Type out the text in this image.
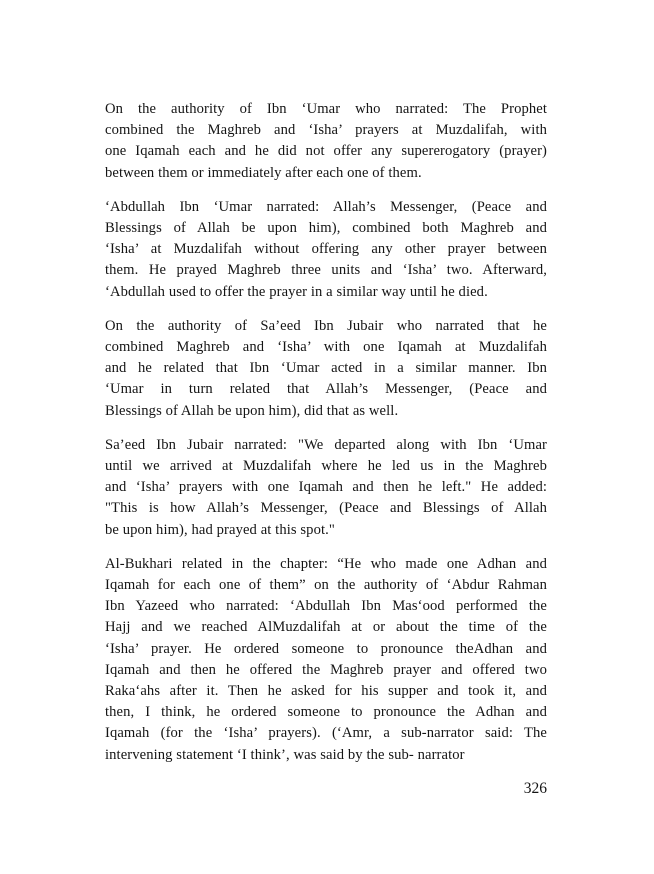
On the authority of Ibn ‘Umar who narrated: The Prophet
combined the Maghreb and ‘Isha’ prayers at Muzdalifah, with
one Iqamah each and he did not offer any supererogatory (prayer)
between them or immediately after each one of them.

‘Abdullah Ibn ‘Umar narrated: Allah’s Messenger, (Peace and
Blessings of Allah be upon him), combined both Maghreb and
‘Isha’ at Muzdalifah without offering any other prayer between
them. He prayed Maghreb three units and ‘Isha’ two. Afterward,
‘Abdullah used to offer the prayer in a similar way until he died.

On the authority of Sa’eed Ibn Jubair who narrated that he
combined Maghreb and ‘Isha’ with one Iqamah at Muzdalifah
and he related that Ibn ‘Umar acted in a similar manner. Ibn
‘Umar in turn related that Allah’s Messenger, (Peace and
Blessings of Allah be upon him), did that as well.

Sa’eed Ibn Jubair narrated: "We departed along with Ibn ‘Umar
until we arrived at Muzdalifah where he led us in the Maghreb
and ‘Isha’ prayers with one Iqamah and then he left." He added:
"This is how Allah’s Messenger, (Peace and Blessings of Allah
be upon him), had prayed at this spot."

Al-Bukhari related in the chapter: “He who made one Adhan and
Iqamah for each one of them” on the authority of ‘Abdur Rahman
Ibn Yazeed who narrated: ‘Abdullah Ibn Mas‘ood performed the
Hajj and we reached AlMuzdalifah at or about the time of the
‘Isha’ prayer. He ordered someone to pronounce theAdhan and
Iqamah and then he offered the Maghreb prayer and offered two
Raka‘ahs after it. Then he asked for his supper and took it, and
then, I think, he ordered someone to pronounce the Adhan and
Iqamah (for the ‘Isha’ prayers). (‘Amr, a sub-narrator said: The
intervening statement ‘I think’, was said by the sub- narrator

326
